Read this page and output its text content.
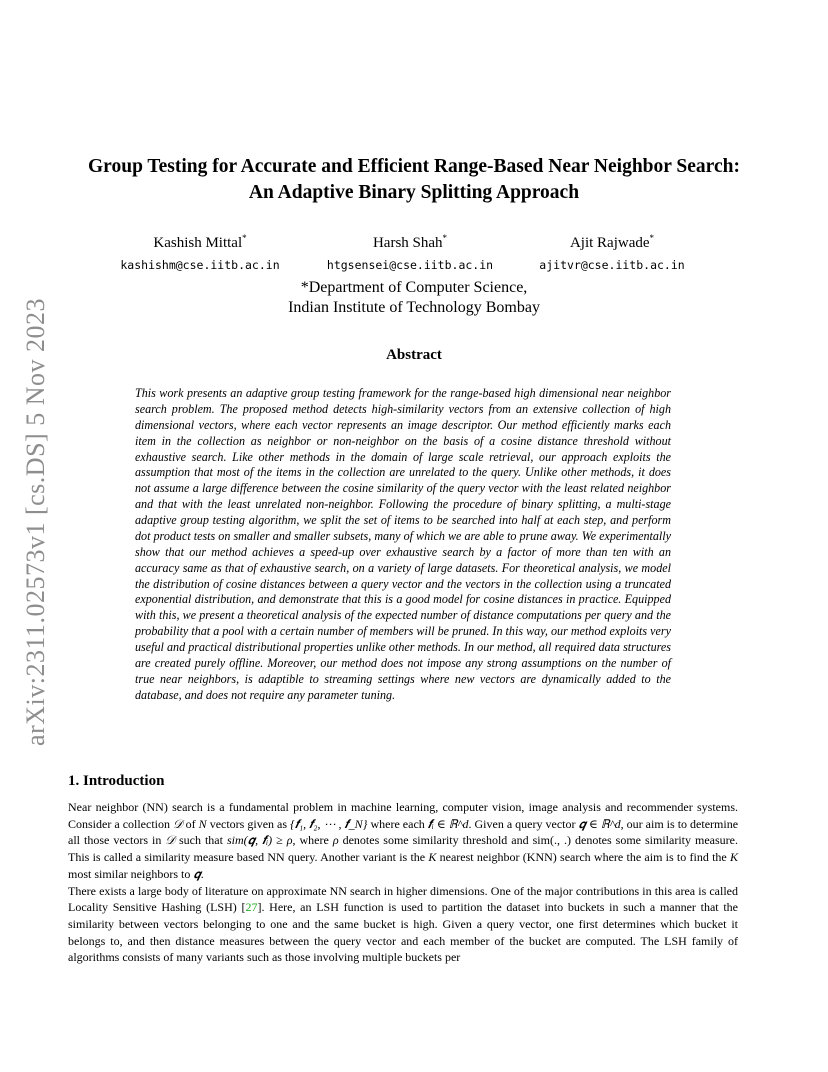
arXiv:2311.02573v1 [cs.DS] 5 Nov 2023
Group Testing for Accurate and Efficient Range-Based Near Neighbor Search:
An Adaptive Binary Splitting Approach
Kashish Mittal*
kashishm@cse.iitb.ac.in
Harsh Shah*
htgsensei@cse.iitb.ac.in
Ajit Rajwade*
ajitvr@cse.iitb.ac.in
*Department of Computer Science,
Indian Institute of Technology Bombay
Abstract
This work presents an adaptive group testing framework for the range-based high dimensional near neighbor search problem. The proposed method detects high-similarity vectors from an extensive collection of high dimensional vectors, where each vector represents an image descriptor. Our method efficiently marks each item in the collection as neighbor or non-neighbor on the basis of a cosine distance threshold without exhaustive search. Like other methods in the domain of large scale retrieval, our approach exploits the assumption that most of the items in the collection are unrelated to the query. Unlike other methods, it does not assume a large difference between the cosine similarity of the query vector with the least related neighbor and that with the least unrelated non-neighbor. Following the procedure of binary splitting, a multi-stage adaptive group testing algorithm, we split the set of items to be searched into half at each step, and perform dot product tests on smaller and smaller subsets, many of which we are able to prune away. We experimentally show that our method achieves a speed-up over exhaustive search by a factor of more than ten with an accuracy same as that of exhaustive search, on a variety of large datasets. For theoretical analysis, we model the distribution of cosine distances between a query vector and the vectors in the collection using a truncated exponential distribution, and demonstrate that this is a good model for cosine distances in practice. Equipped with this, we present a theoretical analysis of the expected number of distance computations per query and the probability that a pool with a certain number of members will be pruned. In this way, our method exploits very useful and practical distributional properties unlike other methods. In our method, all required data structures are created purely offline. Moreover, our method does not impose any strong assumptions on the number of true near neighbors, is adaptible to streaming settings where new vectors are dynamically added to the database, and does not require any parameter tuning.
1. Introduction

Near neighbor (NN) search is a fundamental problem in machine learning, computer vision, image analysis and recommender systems. Consider a collection 𝒟 of N vectors given as {𝒇₁, 𝒇₂, ⋯ , 𝒇_N} where each 𝒇ᵢ ∈ ℝ^d. Given a query vector 𝒒 ∈ ℝ^d, our aim is to determine all those vectors in 𝒟 such that sim(𝒒, 𝒇ᵢ) ≥ ρ, where ρ denotes some similarity threshold and sim(., .) denotes some similarity measure. This is called a similarity measure based NN query. Another variant is the K nearest neighbor (KNN) search where the aim is to find the K most similar neighbors to 𝒒.

There exists a large body of literature on approximate NN search in higher dimensions. One of the major contributions in this area is called Locality Sensitive Hashing (LSH) [27]. Here, an LSH function is used to partition the dataset into buckets in such a manner that the similarity between vectors belonging to one and the same bucket is high. Given a query vector, one first determines which bucket it belongs to, and then distance measures between the query vector and each member of the bucket are computed. The LSH family of algorithms consists of many variants such as those involving multiple buckets per
